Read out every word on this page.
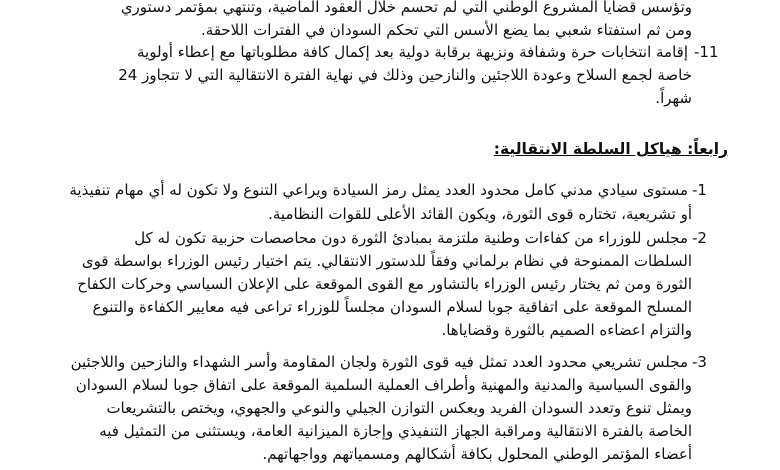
وتؤسس قضايا المشروع الوطني التي لم تحسم خلال العقود الماضية، وتنتهي بمؤتمر دستوري
ومن ثم استفتاء شعبي بما يضع الأسس التي تحكم السودان في الفترات اللاحقة.
-11
إقامة انتخابات حرة وشفافة ونزيهة برقابة دولية بعد إكمال كافة مطلوباتها مع إعطاء أولوية
خاصة لجمع السلاح وعودة اللاجئين والنازحين وذلك في نهاية الفترة الانتقالية التي لا تتجاوز 24
شهراً.
رابعاً: هياكل السلطة الانتقالية:
-1
مستوى سيادي مدني كامل محدود العدد يمثل رمز السيادة ويراعي التنوع ولا تكون له أي مهام تنفيذية
أو تشريعية، تختاره قوى الثورة، ويكون القائد الأعلى للقوات النظامية.
-2
مجلس للوزراء من كفاءات وطنية ملتزمة بمبادئ الثورة دون محاصصات حزبية تكون له كل
السلطات الممنوحة في نظام برلماني وفقاً للدستور الانتقالي. يتم اختيار رئيس الوزراء بواسطة قوى
الثورة ومن ثم يختار رئيس الوزراء بالتشاور مع القوى الموقعة على الإعلان السياسي وحركات الكفاح
المسلح الموقعة على اتفاقية جوبا لسلام السودان مجلساً للوزراء تراعى فيه معايير الكفاءة والتنوع
والتزام اعضاءه الصميم بالثورة وقضاياها.
-3
مجلس تشريعي محدود العدد تمثل فيه قوى الثورة ولجان المقاومة وأسر الشهداء والنازحين واللاجئين
والقوى السياسية والمدنية والمهنية وأطراف العملية السلمية الموقعة على اتفاق جوبا لسلام السودان
ويمثل تنوع وتعدد السودان الفريد ويعكس التوازن الجيلي والنوعي والجهوي، ويختص بالتشريعات
الخاصة بالفترة الانتقالية ومراقبة الجهاز التنفيذي وإجازة الميزانية العامة، ويستثنى من التمثيل فيه
أعضاء المؤتمر الوطني المحلول بكافة أشكالهم ومسمياتهم وواجهاتهم.
